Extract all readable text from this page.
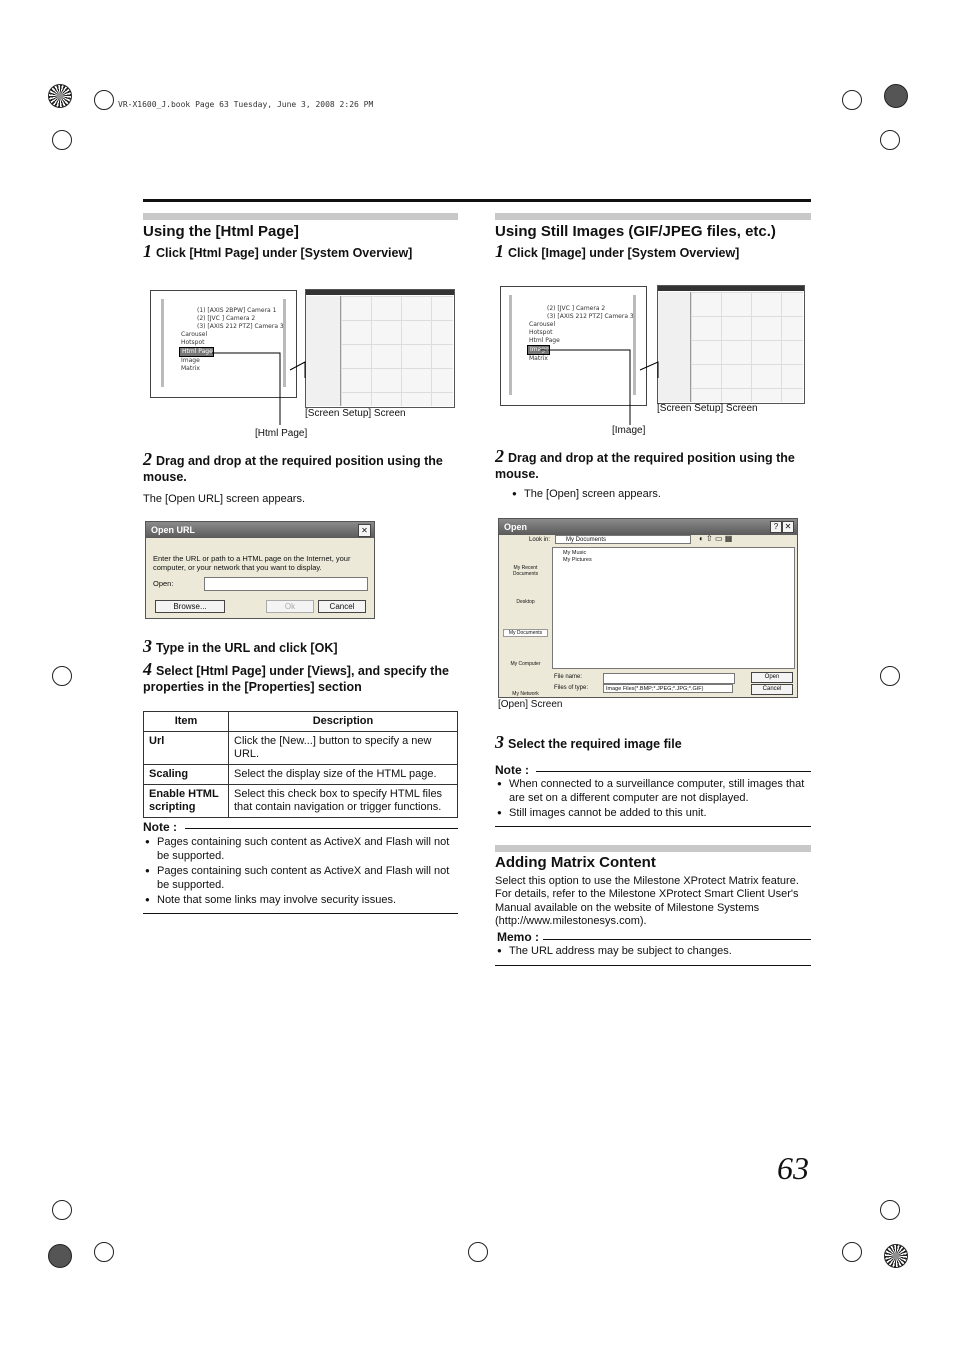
VR-X1600_J.book Page 63 Tuesday, June 3, 2008 2:26 PM
Using the [Html Page]
1 Click [Html Page] under [System Overview]
(1) [AXIS 2BPW] Camera 1
(2) [JVC ] Camera 2
(3) [AXIS 212 PTZ] Camera 3
Carousel
Hotspot
Html Page
Image
Matrix
[Screen Setup] Screen
[Html Page]
2 Drag and drop at the required position using the mouse.
The [Open URL] screen appears.
Open URL	✕
Enter the URL or path to a HTML page on the Internet, your computer, or your network that you want to display.
Open:
Browse...	Ok	Cancel
3 Type in the URL and click [OK]
4 Select [Html Page] under [Views], and specify the properties in the [Properties] section
Item	Description
Url	Click the [New...] button to specify a new URL.
Scaling	Select the display size of the HTML page.
Enable HTML scripting	Select this check box to specify HTML files that contain navigation or trigger functions.
Note :
● Pages containing such content as ActiveX and Flash will not be supported.
● Pages containing such content as ActiveX and Flash will not be supported.
● Note that some links may involve security issues.
Using Still Images (GIF/JPEG files, etc.)
1 Click [Image] under [System Overview]
(2) [JVC ] Camera 2
(3) [AXIS 212 PTZ] Camera 3
Carousel
Hotspot
Html Page
Image
Matrix
[Screen Setup] Screen
[Image]
2 Drag and drop at the required position using the mouse.
● The [Open] screen appears.
Open	? ✕
Look in:	My Documents	◐ ⇧ ▭ ▦
My Recent Documents
Desktop
My Documents
My Computer
My Network
My Music
My Pictures
File name:
Files of type:	Image Files(*.BMP;*.JPEG;*.JPG;*.GIF)
Open
Cancel
[Open] Screen
3 Select the required image file
Note :
● When connected to a surveillance computer, still images that are set on a different computer are not displayed.
● Still images cannot be added to this unit.
Adding Matrix Content
Select this option to use the Milestone XProtect Matrix feature. For details, refer to the Milestone XProtect Smart Client User's Manual available on the website of Milestone Systems (http://www.milestonesys.com).
Memo :
● The URL address may be subject to changes.
63
